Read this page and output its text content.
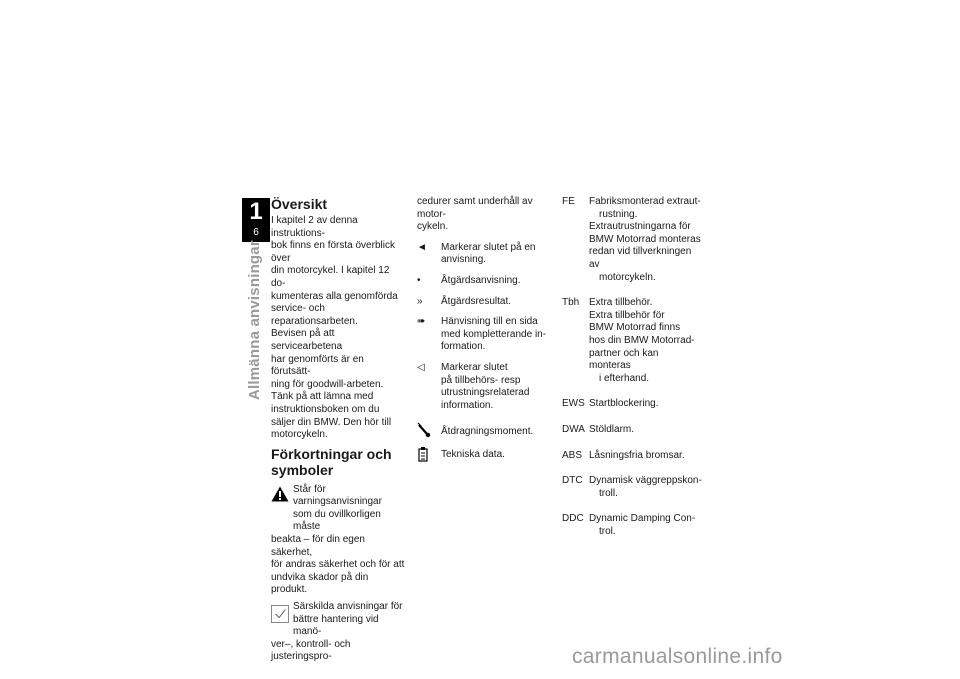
1
6
Allmänna anvisningar
Översikt
I kapitel 2 av denna instruktions-
bok finns en första överblick över
din motorcykel. I kapitel 12 do-
kumenteras alla genomförda
service- och reparationsarbeten.
Bevisen på att servicearbetena
har genomförts är en förutsätt-
ning för goodwill-arbeten.
Tänk på att lämna med
instruktionsboken om du
säljer din BMW. Den hör till
motorcykeln.
Förkortningar och
symboler
Står för varningsanvisningar
som du ovillkorligen måste
beakta – för din egen säkerhet,
för andras säkerhet och för att
undvika skador på din produkt.
Särskilda anvisningar för
bättre hantering vid manö-
ver–, kontroll- och justeringspro-
cedurer samt underhåll av motor-
cykeln.
◄	Markerar slutet på en
anvisning.
•	Åtgärdsanvisning.
»	Åtgärdsresultat.
➠	Hänvisning till en sida
med kompletterande in-
formation.
◁	Markerar slutet
på tillbehörs- resp
utrustningsrelaterad
information.
Åtdragningsmoment.
Tekniska data.
FE Fabriksmonterad extraut-
rustning.
Extrautrustningarna för
BMW Motorrad monteras
redan vid tillverkningen av
motorcykeln.
Tbh Extra tillbehör.
Extra tillbehör för
BMW Motorrad finns
hos din BMW Motorrad-
partner och kan monteras
i efterhand.
EWS Startblockering.
DWA Stöldlarm.
ABS Låsningsfria bromsar.
DTC Dynamisk väggreppskon-
troll.
DDC Dynamic Damping Con-
trol.
carmanualsonline.info
